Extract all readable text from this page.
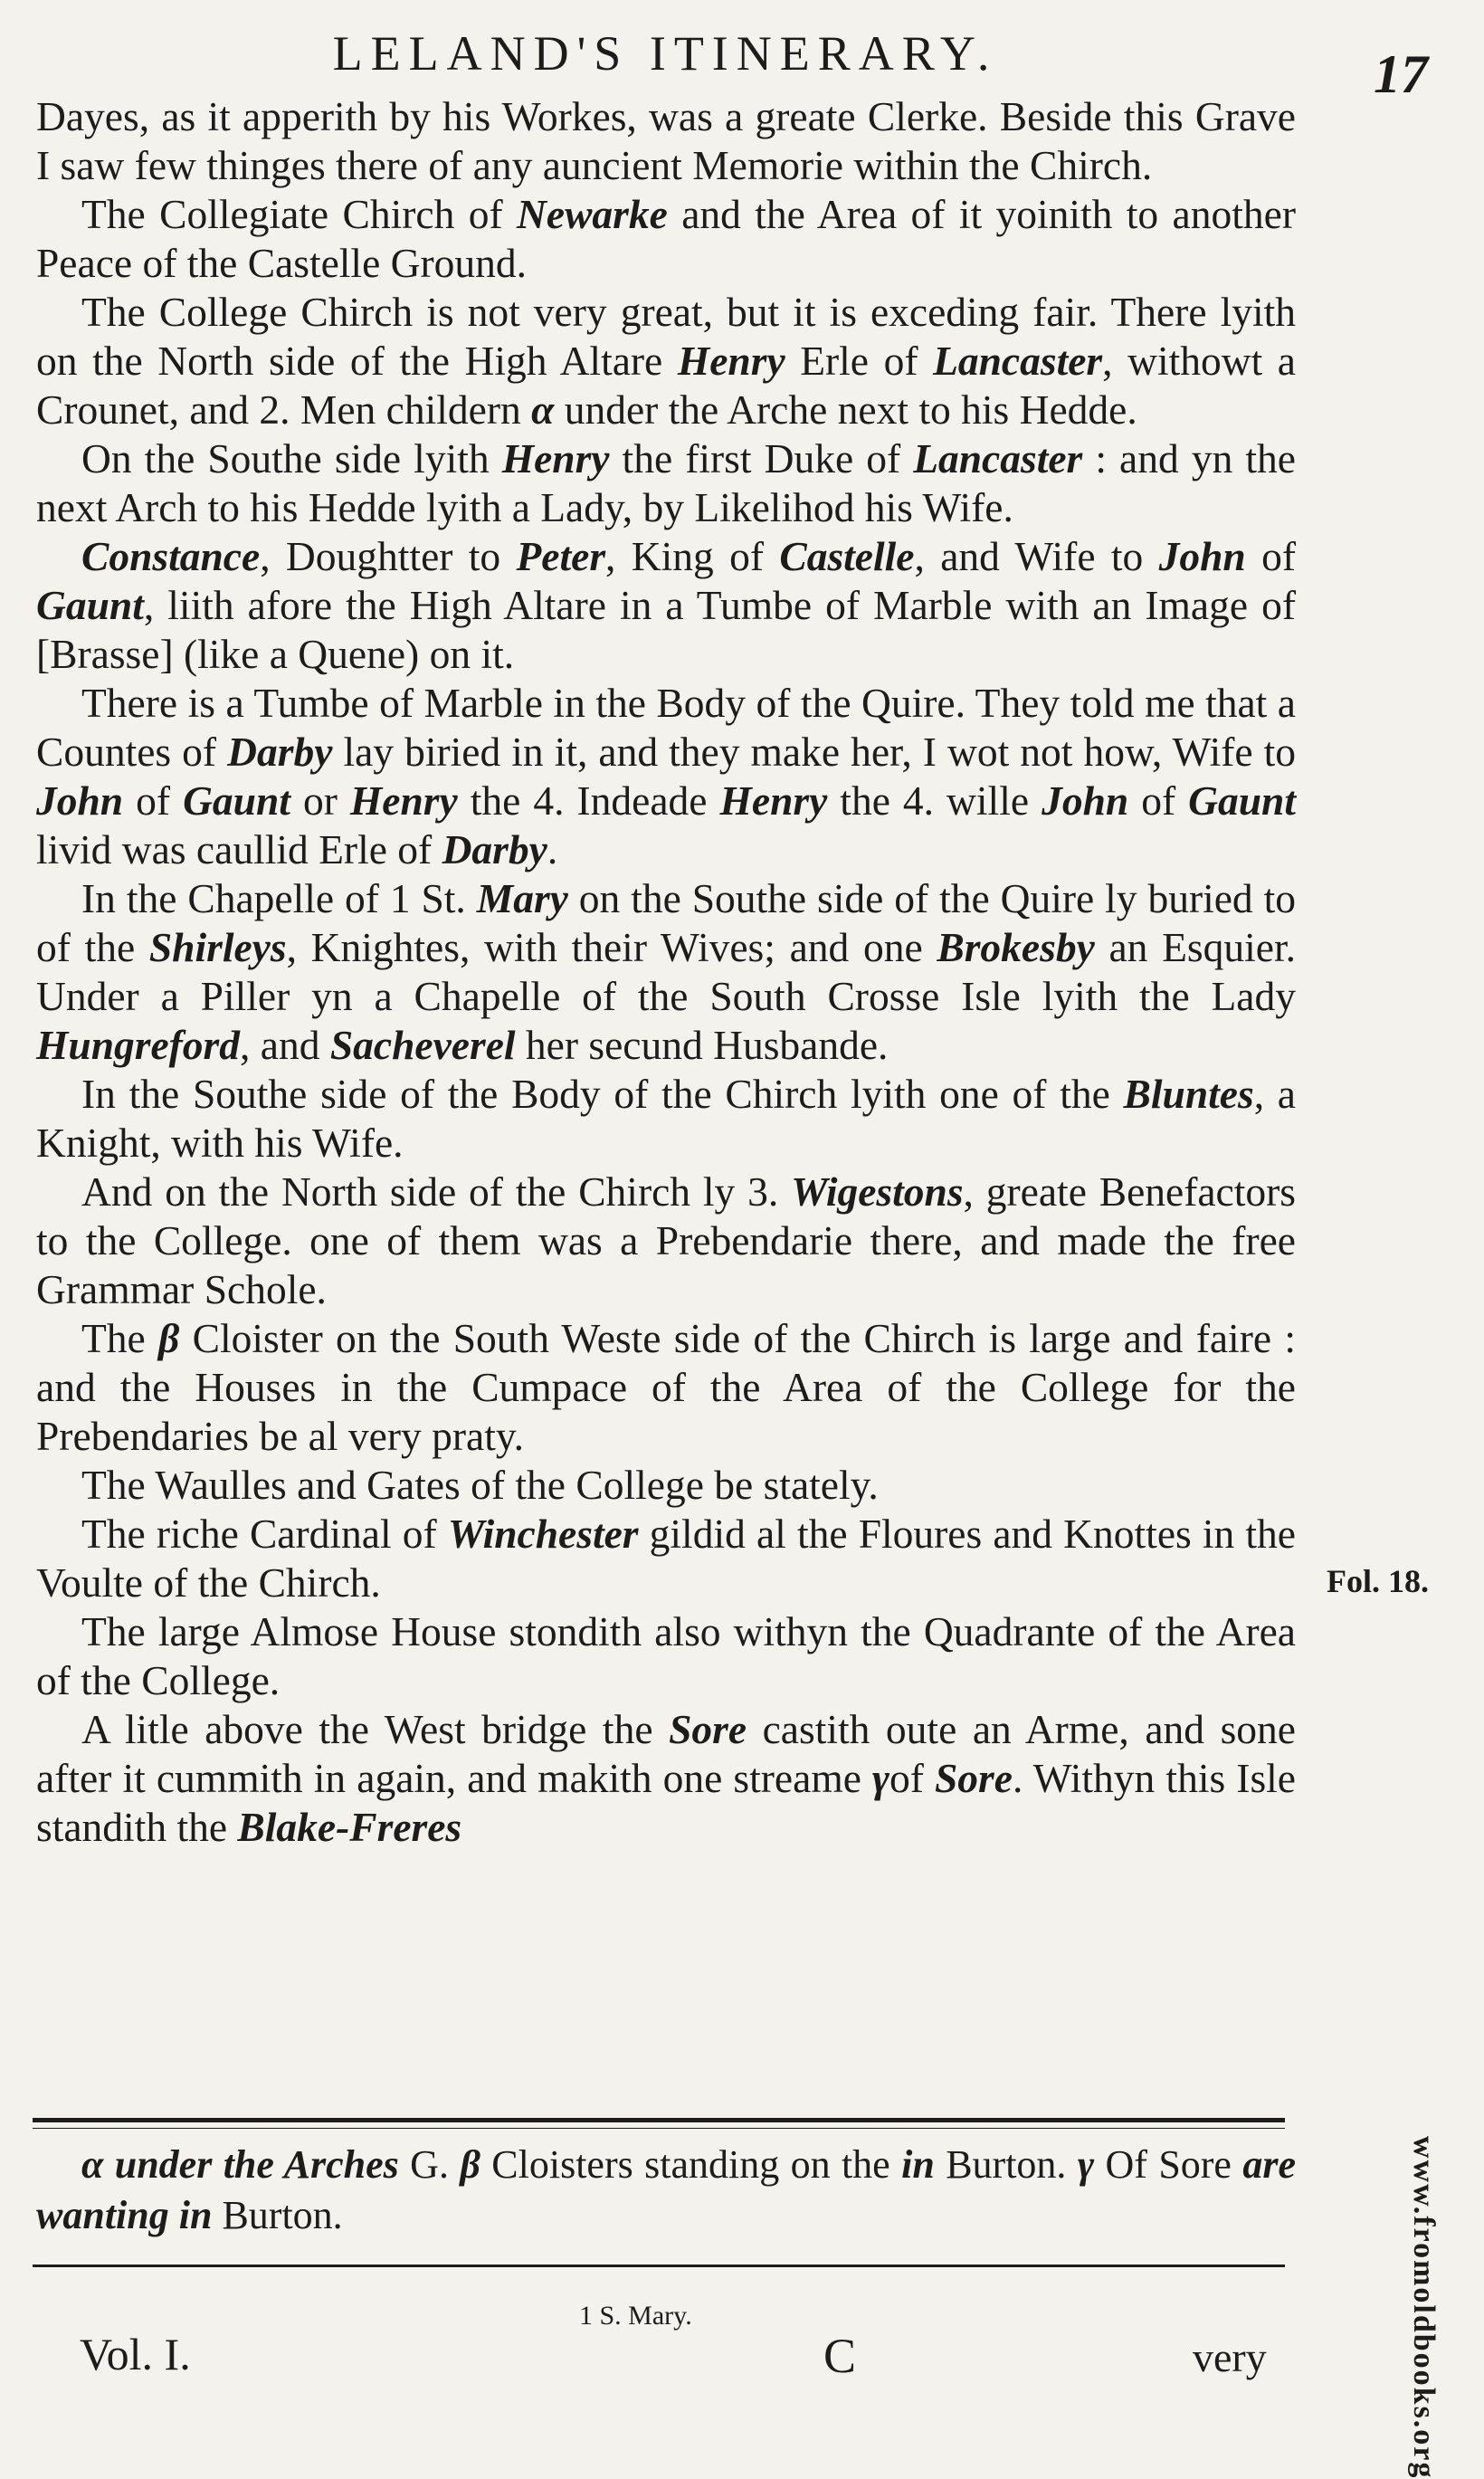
LELAND'S ITINERARY.	17

Dayes, as it apperith by his Workes, was a greate Clerke. Beside this Grave I saw few thinges there of any auncient Memorie within the Chirch.

The Collegiate Chirch of Newarke and the Area of it yoinith to another Peace of the Castelle Ground.

The College Chirch is not very great, but it is exceding fair. There lyith on the North side of the High Altare Henry Erle of Lancaster, withowt a Crounet, and 2. Men childern α under the Arche next to his Hedde.

On the Southe side lyith Henry the first Duke of Lancaster : and yn the next Arch to his Hedde lyith a Lady, by Likelihod his Wife.

Constance, Doughtter to Peter, King of Castelle, and Wife to John of Gaunt, liith afore the High Altare in a Tumbe of Marble with an Image of [Brasse] (like a Quene) on it.

There is a Tumbe of Marble in the Body of the Quire. They told me that a Countes of Darby lay biried in it, and they make her, I wot not how, Wife to John of Gaunt or Henry the 4. Indeade Henry the 4. wille John of Gaunt livid was caullid Erle of Darby.

In the Chapelle of 1 St. Mary on the Southe side of the Quire ly buried to of the Shirleys, Knightes, with their Wives; and one Brokesby an Esquier. Under a Piller yn a Chapelle of the South Crosse Isle lyith the Lady Hungreford, and Sacheverel her secund Husbande.

In the Southe side of the Body of the Chirch lyith one of the Bluntes, a Knight, with his Wife.

And on the North side of the Chirch ly 3. Wigestons, greate Benefactors to the College. one of them was a Prebendarie there, and made the free Grammar Schole.

The β Cloister on the South Weste side of the Chirch is large and faire : and the Houses in the Cumpace of the Area of the College for the Prebendaries be al very praty.

The Waulles and Gates of the College be stately.

The riche Cardinal of Winchester gildid al the Floures and Knottes in the Voulte of the Chirch.

The large Almose House stondith also withyn the Quadrante of the Area of the College.

A litle above the West bridge the Sore castith oute an Arme, and sone after it cummith in again, and makith one streame γof Sore. Withyn this Isle standith the Blake-Freres

Fol. 18.

α under the Arches G. β Cloisters standing on the in Burton. γ Of Sore are wanting in Burton.

1 S. Mary.
Vol. I.	C	very	www.fromoldbooks.org
